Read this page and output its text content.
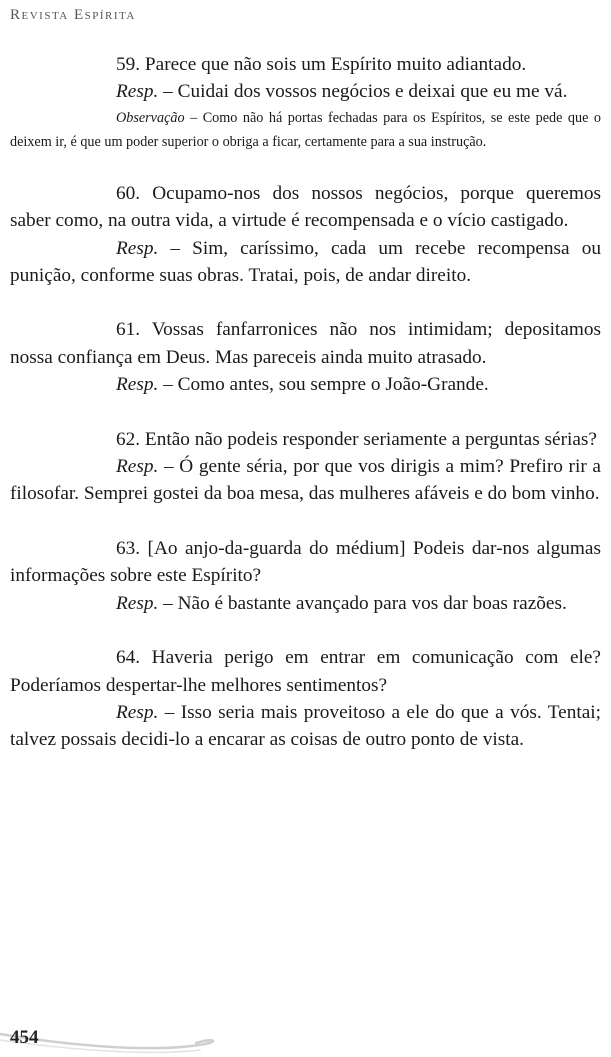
Revista Espírita

59. Parece que não sois um Espírito muito adiantado.

Resp. – Cuidai dos vossos negócios e deixai que eu me vá.

Observação – Como não há portas fechadas para os Espíritos, se este pede que o deixem ir, é que um poder superior o obriga a ficar, certamente para a sua instrução.

60. Ocupamo-nos dos nossos negócios, porque queremos saber como, na outra vida, a virtude é recompensada e o vício castigado.

Resp. – Sim, caríssimo, cada um recebe recompensa ou punição, conforme suas obras. Tratai, pois, de andar direito.

61. Vossas fanfarronices não nos intimidam; depositamos nossa confiança em Deus. Mas pareceis ainda muito atrasado.

Resp. – Como antes, sou sempre o João-Grande.

62. Então não podeis responder seriamente a perguntas sérias?

Resp. – Ó gente séria, por que vos dirigis a mim? Prefiro rir a filosofar. Semprei gostei da boa mesa, das mulheres afáveis e do bom vinho.

63. [Ao anjo-da-guarda do médium] Podeis dar-nos algumas informações sobre este Espírito?

Resp. – Não é bastante avançado para vos dar boas razões.

64. Haveria perigo em entrar em comunicação com ele? Poderíamos despertar-lhe melhores sentimentos?

Resp. – Isso seria mais proveitoso a ele do que a vós. Tentai; talvez possais decidi-lo a encarar as coisas de outro ponto de vista.

454
